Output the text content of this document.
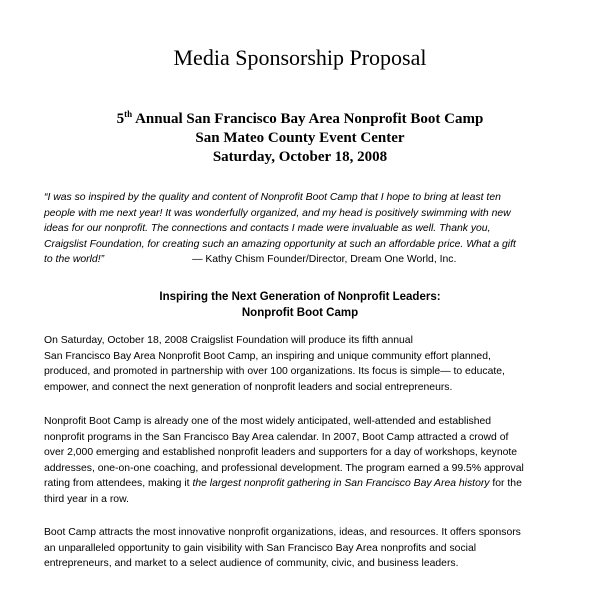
Media Sponsorship Proposal
5th Annual San Francisco Bay Area Nonprofit Boot Camp
San Mateo County Event Center
Saturday, October 18, 2008
“I was so inspired by the quality and content of Nonprofit Boot Camp that I hope to bring at least ten
people with me next year! It was wonderfully organized, and my head is positively swimming with new
ideas for our nonprofit. The connections and contacts I made were invaluable as well. Thank you,
Craigslist Foundation, for creating such an amazing opportunity at such an affordable price. What a gift
to the world!”	— Kathy Chism Founder/Director, Dream One World, Inc.
Inspiring the Next Generation of Nonprofit Leaders:
Nonprofit Boot Camp
On Saturday, October 18, 2008 Craigslist Foundation will produce its fifth annual
San Francisco Bay Area Nonprofit Boot Camp, an inspiring and unique community effort planned,
produced, and promoted in partnership with over 100 organizations. Its focus is simple— to educate,
empower, and connect the next generation of nonprofit leaders and social entrepreneurs.
Nonprofit Boot Camp is already one of the most widely anticipated, well-attended and established
nonprofit programs in the San Francisco Bay Area calendar. In 2007, Boot Camp attracted a crowd of
over 2,000 emerging and established nonprofit leaders and supporters for a day of workshops, keynote
addresses, one-on-one coaching, and professional development. The program earned a 99.5% approval
rating from attendees, making it the largest nonprofit gathering in San Francisco Bay Area history for the
third year in a row.
Boot Camp attracts the most innovative nonprofit organizations, ideas, and resources. It offers sponsors
an unparalleled opportunity to gain visibility with San Francisco Bay Area nonprofits and social
entrepreneurs, and market to a select audience of community, civic, and business leaders.
